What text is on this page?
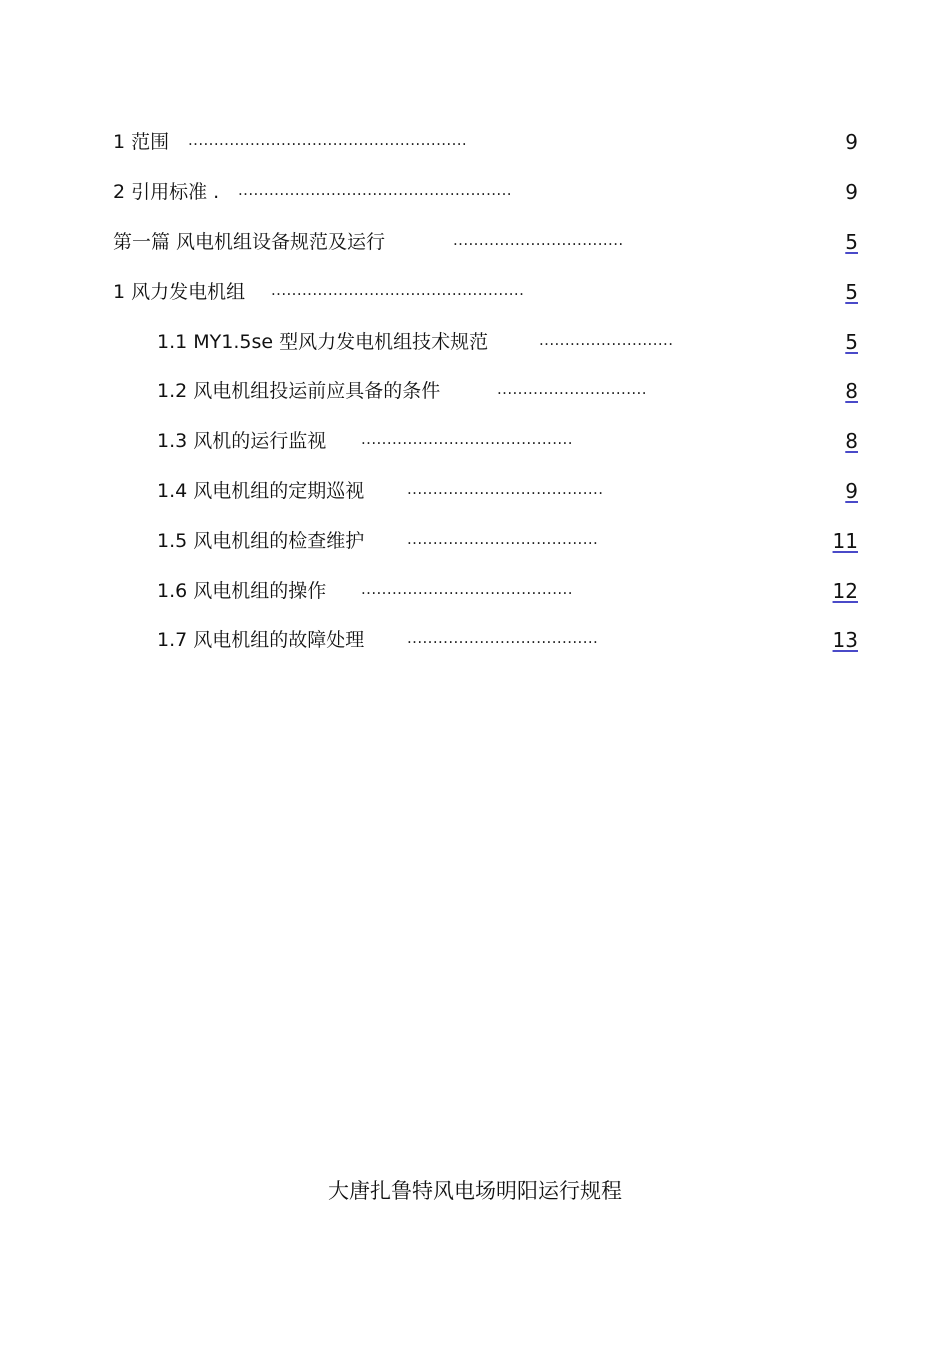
1 范围 ......................................................	9
2 引用标准 . .....................................................	9
第一篇 风电机组设备规范及运行	.................................	5
1 风力发电机组 .................................................	5
1.1 MY1.5se 型风力发电机组技术规范	..........................	5
1.2 风电机组投运前应具备的条件	.............................	8
1.3 风机的运行监视 .........................................	8
1.4 风电机组的定期巡视	......................................	9
1.5 风电机组的检查维护	.....................................	11
1.6 风电机组的操作 .........................................	12
1.7 风电机组的故障处理	.....................................	13
大唐扎鲁特风电场明阳运行规程
